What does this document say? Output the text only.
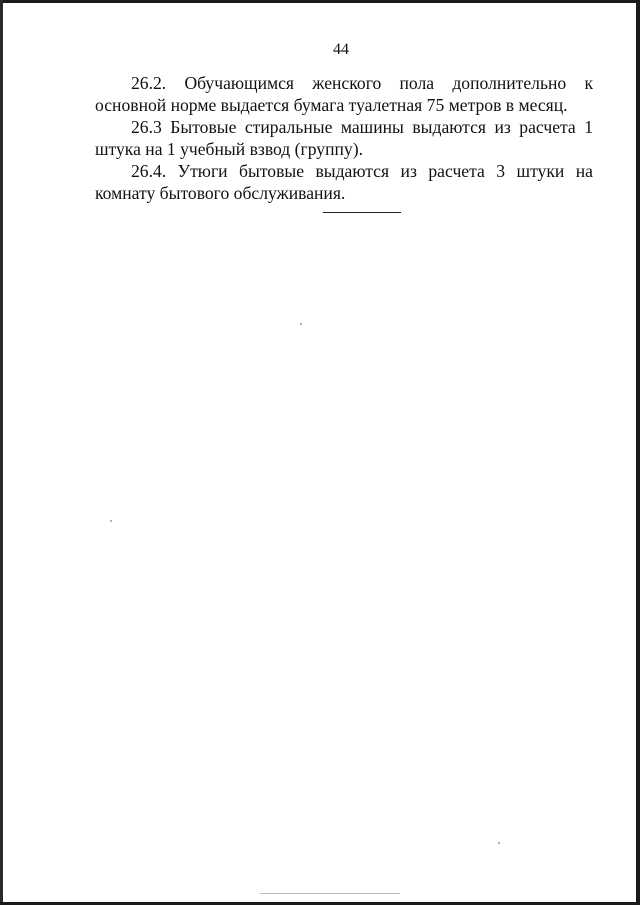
44

26.2. Обучающимся женского пола дополнительно к основной норме выдается бумага туалетная 75 метров в месяц.

26.3 Бытовые стиральные машины выдаются из расчета 1 штука на 1 учебный взвод (группу).

26.4. Утюги бытовые выдаются из расчета 3 штуки на комнату бытового обслуживания.
